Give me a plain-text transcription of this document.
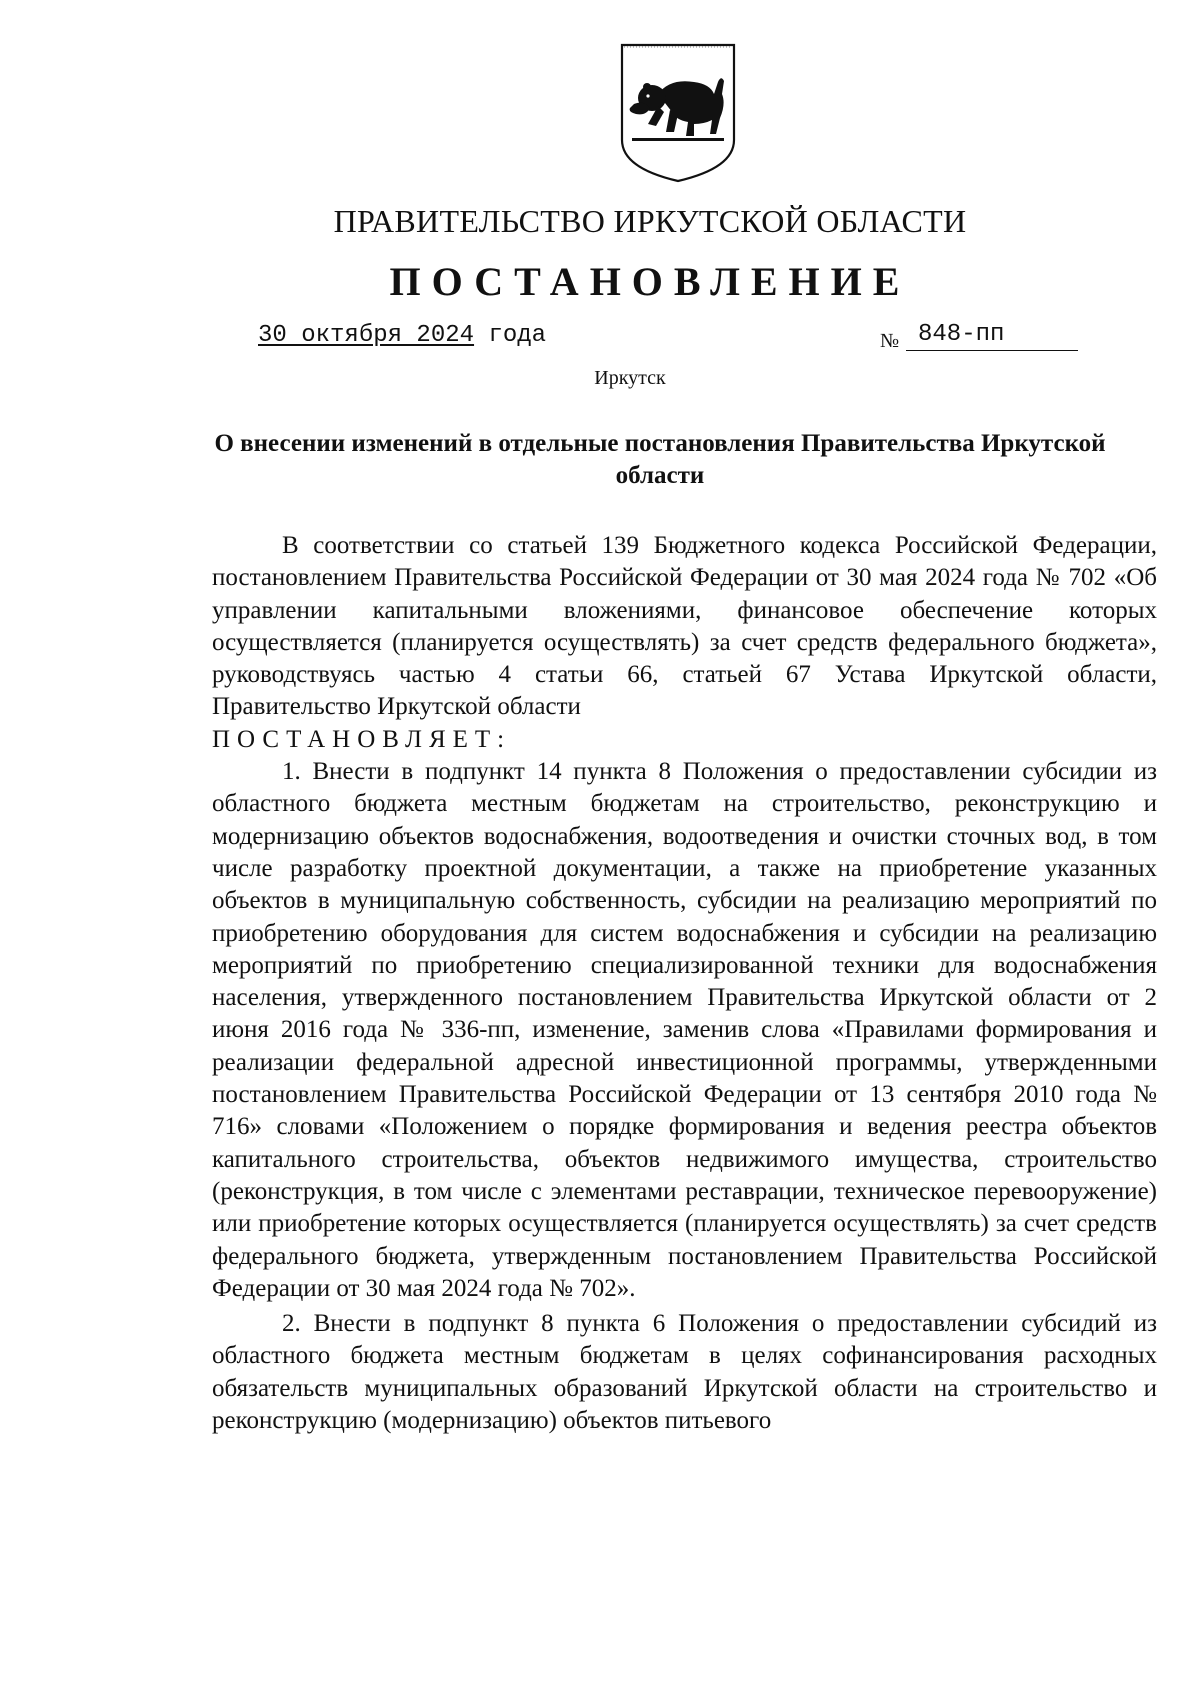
ПРАВИТЕЛЬСТВО ИРКУТСКОЙ ОБЛАСТИ
ПОСТАНОВЛЕНИЕ
30 октября 2024 года	№ 848-пп
Иркутск
О внесении изменений в отдельные постановления Правительства Иркутской области

В соответствии со статьей 139 Бюджетного кодекса Российской Федерации, постановлением Правительства Российской Федерации от 30 мая 2024 года № 702 «Об управлении капитальными вложениями, финансовое обеспечение которых осуществляется (планируется осуществлять) за счет средств федерального бюджета», руководствуясь частью 4 статьи 66, статьей 67 Устава Иркутской области, Правительство Иркутской области

ПОСТАНОВЛЯЕТ:

1. Внести в подпункт 14 пункта 8 Положения о предоставлении субсидии из областного бюджета местным бюджетам на строительство, реконструкцию и модернизацию объектов водоснабжения, водоотведения и очистки сточных вод, в том числе разработку проектной документации, а также на приобретение указанных объектов в муниципальную собственность, субсидии на реализацию мероприятий по приобретению оборудования для систем водоснабжения и субсидии на реализацию мероприятий по приобретению специализированной техники для водоснабжения населения, утвержденного постановлением Правительства Иркутской области от 2 июня 2016 года № 336-пп, изменение, заменив слова «Правилами формирования и реализации федеральной адресной инвестиционной программы, утвержденными постановлением Правительства Российской Федерации от 13 сентября 2010 года № 716» словами «Положением о порядке формирования и ведения реестра объектов капитального строительства, объектов недвижимого имущества, строительство (реконструкция, в том числе с элементами реставрации, техническое перевооружение) или приобретение которых осуществляется (планируется осуществлять) за счет средств федерального бюджета, утвержденным постановлением Правительства Российской Федерации от 30 мая 2024 года № 702».

2. Внести в подпункт 8 пункта 6 Положения о предоставлении субсидий из областного бюджета местным бюджетам в целях софинансирования расходных обязательств муниципальных образований Иркутской области на строительство и реконструкцию (модернизацию) объектов питьевого
